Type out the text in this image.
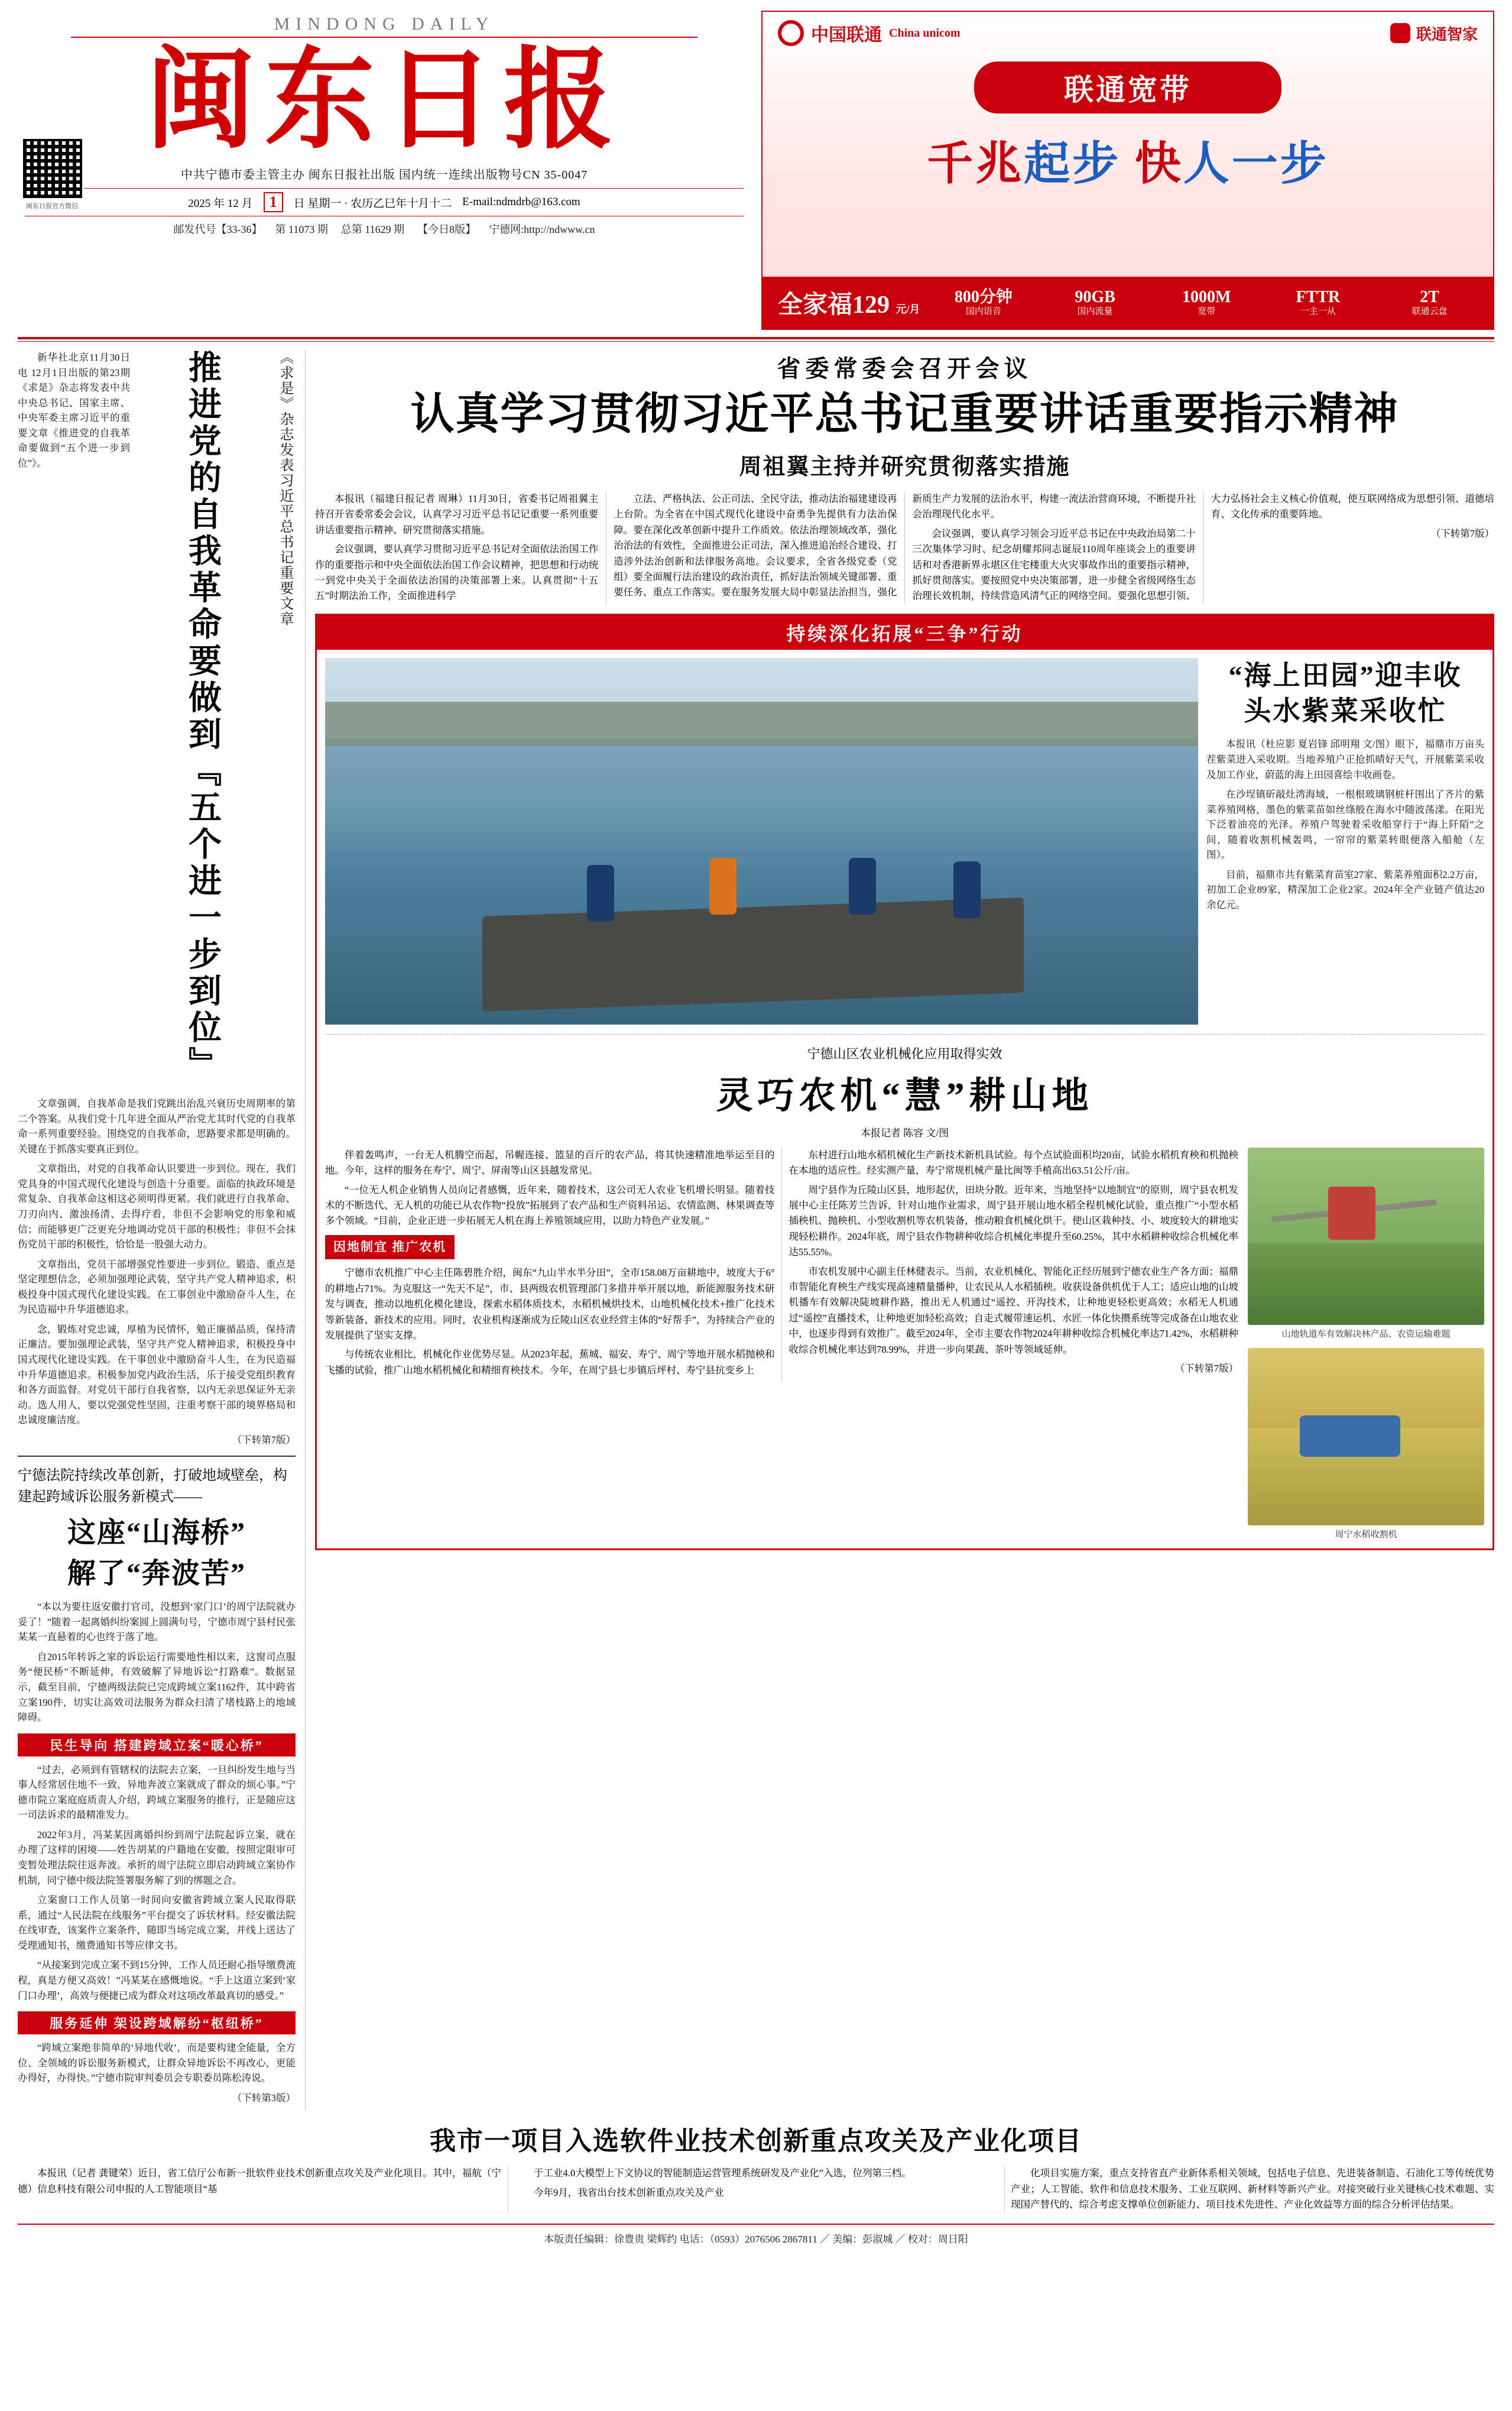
MINDONG DAILY
闽东日报
中共宁德市委主管主办 闽东日报社出版 国内统一连续出版物号CN 35-0047
2025 年 12 月	1	日 星期一 · 农历乙巳年十月十二 E-mail:ndmdrb@163.com
邮发代号【33-36】 第 11073 期 总第 11629 期 【今日8版】 宁德网:http://ndwww.cn
闽东日报官方微信
中国联通 China unicom	联通智家
联通宽带
千兆起步 快人一步
全家福129 元/月
800分钟
国内语音
90GB
国内流量
1000M
宽带
FTTR
一主一从
2T
联通云盘

新华社北京11月30日电 12月1日出版的第23期《求是》杂志将发表中共中央总书记、国家主席、中央军委主席习近平的重要文章《推进党的自我革命要做到“五个进一步到位”》。	推进党的自我革命要做到『五个进一步到位』	《求是》杂志发表习近平总书记重要文章

文章强调，自我革命是我们党跳出治乱兴衰历史周期率的第二个答案。从我们党十几年进全面从严治党尤其时代党的自我革命一系列重要经验。围绕党的自我革命，思路要求都是明确的。关键在于抓落实要真正到位。

文章指出，对党的自我革命认识要进一步到位。现在，我们党具身的中国式现代化建设与创造十分重要。面临的执政环境是常复杂、自我革命这相这必须明得更紧。我们就进行自我革命、刀刃向内、激浊扬清、去得疗看，非但不会影响党的形象和威信；而能够更广泛更充分地调动党员干部的积极性；非但不会抹伤党员干部的积极性，恰恰是一股强大动力。

文章指出，党员干部增强党性要进一步到位。锻造、重点是坚定理想信念，必须加强理论武装，坚守共产党人精神追求，积极投身中国式现代化建设实践。在工事创业中激励奋斗人生，在为民造福中升华道德追求。

念，锻炼对党忠诚，厚植为民情怀，勉正廉循品质，保持清正廉洁。要加强理论武装，坚守共产党人精神追求，积极投身中国式现代化建设实践。在干事创业中激励奋斗人生，在为民造福中升华道德追求。积极参加党内政治生活，乐于接受党组织教育和各方面监督。对党员干部行自我省察，以内无亲思保证外无亲动。选人用人，要以党强党性坚固，注重考察干部的境界格局和忠诚度廉洁度。

（下转第7版）

宁德法院持续改革创新，打破地域壁垒，构建起跨域诉讼服务新模式——
这座“山海桥”
解了“奔波苦”

“本以为要往返安徽打官司，没想到‘家门口’的周宁法院就办妥了！”随着一起离婚纠纷案圆上圆满句号，宁德市周宁县村民张某某一直悬着的心也终于落了地。

自2015年转诉之家的诉讼运行需要地性相以来，这窗司点服务“便民桥”不断延伸，有效破解了异地诉讼“打路难”。数据显示，截至目前，宁德两级法院已完成跨域立案1162件，其中跨省立案190件，切实让高效司法服务为群众扫清了堵枝路上的地域障碍。

民生导向 搭建跨域立案“暖心桥”

“过去，必须到有管辖权的法院去立案，一旦纠纷发生地与当事人经常居住地不一致，异地奔波立案就成了群众的烦心事。”宁德市院立案庭庭质责人介绍，跨域立案服务的推行，正是随应这一司法诉求的最精准发力。

2022年3月，冯某某因离婚纠纷到周宁法院起诉立案，就在办理了这样的困境——姓告胡某的户籍地在安徽，按照定限审可变暂处理法院往返奔波。承折的周宁法院立即启动跨域立案协作机制，同宁德中级法院签署服务解了到的绑题之合。

立案窗口工作人员第一时间向安徽省跨域立案人民取得联系，通过“人民法院在线服务”平台提交了诉状材料。经安徽法院在线审查，该案件立案条件，随即当场完成立案，并线上送达了受理通知书，缴费通知书等应律文书。

“从接案到完成立案不到15分钟，工作人员还耐心指导缴费流程，真是方便又高效！”冯某某在感慨地说。“手上这道立案到‘家门口办理’，高效与便捷已成为群众对这项改革最真切的感受。”

服务延伸 架设跨域解纷“枢纽桥”

“跨域立案绝非简单的‘异地代收’，而是要构建全能量，全方位、全领域的诉讼服务新模式，让群众异地诉讼不再改心，更能办得好，办得快。”宁德市院审判委员会专职委员陈松涛说。

（下转第3版）

省委常委会召开会议
认真学习贯彻习近平总书记重要讲话重要指示精神
周祖翼主持并研究贯彻落实措施

本报讯（福建日报记者 周琳）11月30日，省委书记周祖翼主持召开省委常委会会议，认真学习习近平总书记记重要一系列重要讲话重要指示精神、研究贯彻落实措施。

会议强调，要认真学习贯彻习近平总书记对全面依法治国工作作的重要指示和中央全面依法治国工作会议精神，把思想和行动统一到党中央关于全面依法治国的决策部署上来。认真贯彻“十五五”时期法治工作，全面推进科学

立法、严格执法、公正司法、全民守法，推动法治福建建设再上台阶。为全省在中国式现代化建设中奋勇争先提供有力法治保障。要在深化改革创新中提升工作质效。依法治理领域改革，强化治治法的有效性，全面推进公正司法，深入推进追治经合建设、打造涉外法治创新和法律服务高地。会议要求，全省各级党委（党组）要全面履行法治建设的政治责任，抓好法治领域关键部署、重要任务、重点工作落实。要在服务发展大局中彰显法治担当，强化新质生产力发展的法治水平，构建一流法治营商环境，不断提升社会治理现代化水平。

会议强调，要认真学习领会习近平总书记在中央政治局第二十三次集体学习时、纪念胡耀邦同志诞辰110周年座谈会上的重要讲话和对香港新界永堪区住宅楼重大火灾事故作出的重要指示精神，抓好贯彻落实。要按照党中央决策部署，进一步健全省级网络生态治理长效机制，持续营造风清气正的网络空间。要强化思想引领、大力弘扬社会主义核心价值观，使互联网络成为思想引领、道德培育、文化传承的重要阵地。

（下转第7版）

持续深化拓展“三争”行动
“海上田园”迎丰收
头水紫菜采收忙

本报讯（杜应影 夏岩锋 邱明翔 文/图）眼下，福鼎市万亩头茬紫菜进入采收期。当地养殖户正抢抓晴好天气，开展紫菜采收及加工作业，蔚蓝的海上田园喜绘丰收画卷。

在沙埕镇斫敲灶湾海域，一根根玻璃钢桩杆围出了齐片的紫菜养殖网格，墨色的紫菜苗如丝绦般在海水中随波荡漾。在阳光下泛着油亮的光泽。养殖户驾驶着采收船穿行于“海上阡陌”之间，随着收割机械轰鸣，一帘帘的紫菜转眼便落入船舱（左图）。

目前，福鼎市共有紫菜育苗室27家、紫菜养殖面积2.2万亩，初加工企业89家，精深加工企业2家。2024年全产业链产值达20余亿元。

宁德山区农业机械化应用取得实效
灵巧农机“慧”耕山地
本报记者 陈容 文/图

伴着轰鸣声，一台无人机腾空而起，吊幄连接、篮显的百斤的农产品，将其快速精准地举运至目的地。今年，这样的服务在寿宁、周宁、屏南等山区县越发常见。

“一位无人机企业销售人员向记者感慨，近年来，随着技术，这公司无人农业飞机增长明显。随着技术的不断迭代、无人机的功能已从农作物“投放”拓展到了农产品和生产资料吊运、农情监测、林果调查等多个领域。“目前，企业正进一步拓展无人机在海上养殖领域应用，以助力特色产业发展。”

因地制宜 推广农机

宁德市农机推广中心主任陈碧胜介绍，闽东“九山半水半分田”，全市158.08万亩耕地中，坡度大于6°的耕地占71%。为克服这一“先天不足”，市、县两级农机管理部门多措并举开展以地，新能源服务技术研发与调查，推动以地机化模化建设，探索水稻体质技术，水稻机械烘技术，山地机械化技术+推广化技术等新装备、新技术的应用。同时，农业机构逐渐成为丘陵山区农业经营主体的“好帮手”，为持续合产业的发展提供了坚实支撑。

与传统农业相比，机械化作业优势尽显。从2023年起，蕉城、福安、寿宁、周宁等地开展水稻抛秧和飞播的试验，推广山地水稻机械化和精细育秧技术。今年，在周宁县七步镇后坪村、寿宁县抗变乡上

东村进行山地水稻机械化生产新技术新机具试验。每个点试验面积均20亩，试验水稻机育秧和机抛秧在本地的适应性。经实测产量，寿宁常规机械产量比闽等手植高出63.51公斤/亩。

周宁县作为丘陵山区县，地形起伏，田块分散。近年来，当地坚持“以地制宜”的原则，周宁县农机发展中心主任陈芳兰告诉，针对山地作业需求，周宁县开展山地水稻全程机械化试验，重点推广“小型水稻插秧机、抛秧机、小型收割机等农机装备，推动粮食机械化烘干。使山区栽种技、小、坡度较大的耕地实现轻松耕作。2024年底，周宁县农作物耕种收综合机械化率提升至60.25%，其中水稻耕种收综合机械化率达55.55%。

市农机发展中心副主任林健表示。当前，农业机械化、智能化正经历展到宁德农业生产各方面；福鼎市智能化育秧生产线实现高速精量播种，让农民从人水稻插秧。收获设备供机优于人工；适应山地的山坡机播车有效解决陡坡耕作路，推出无人机通过“遥控、开沟技术，让种地更轻松更高效；水稻无人机通过“遥控”直播技术，让种地更加轻松高效；自走式履带速运机、水匠一体化快攒系统等完成备在山地农业中，也逐步得到有效推广。截至2024年，全市主要农作物2024年耕种收综合机械化率达71.42%，水稻耕种收综合机械化率达到78.99%，并进一步向果蔬、茶叶等领域延伸。

（下转第7版）

山地轨道车有效解决林产品、农资运输难题
周宁水稻收割机
我市一项目入选软件业技术创新重点攻关及产业化项目

本报讯（记者 龚键荣）近日，省工信厅公布新一批软件业技术创新重点攻关及产业化项目。其中，福航（宁德）信息科技有限公司申报的人工智能项目“基

于工业4.0大模型上下文协议的智能制造运营管理系统研发及产业化”入选，位列第三档。

今年9月，我省出台技术创新重点攻关及产业

化项目实施方案，重点支持省直产业新体系相关领域，包括电子信息、先进装备制造、石油化工等传统优势产业；人工智能、软件和信息技术服务、工业互联网、新材料等新兴产业。对接突破行业关键核心技术难题、实现国产替代的、综合考虑支撑单位创新能力、项目技术先进性、产业化效益等方面的综合分析评估结果。

本版责任编辑：徐豊贵 梁辉约 电话：（0593）2076506 2867811 ／ 美编：彭淑城 ／ 校对：周日阳
